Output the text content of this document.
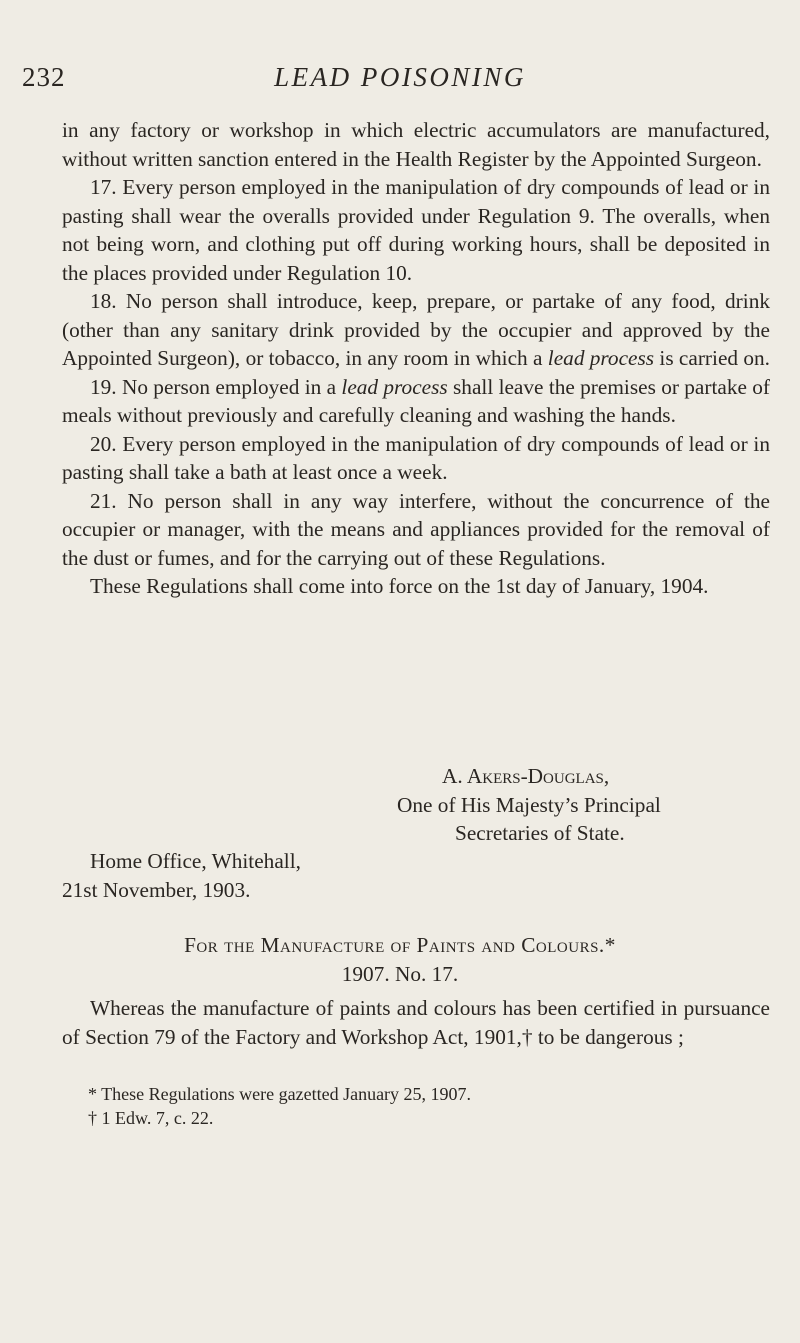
232	LEAD POISONING

in any factory or workshop in which electric accumulators are manufactured, without written sanction entered in the Health Register by the Appointed Surgeon.

17. Every person employed in the manipulation of dry compounds of lead or in pasting shall wear the overalls provided under Regulation 9. The overalls, when not being worn, and clothing put off during working hours, shall be deposited in the places provided under Regulation 10.

18. No person shall introduce, keep, prepare, or partake of any food, drink (other than any sanitary drink provided by the occupier and approved by the Appointed Surgeon), or tobacco, in any room in which a lead process is carried on.

19. No person employed in a lead process shall leave the premises or partake of meals without previously and carefully cleaning and washing the hands.

20. Every person employed in the manipulation of dry compounds of lead or in pasting shall take a bath at least once a week.

21. No person shall in any way interfere, without the concurrence of the occupier or manager, with the means and appliances provided for the removal of the dust or fumes, and for the carrying out of these Regulations.

These Regulations shall come into force on the 1st day of January, 1904.

A. Akers-Douglas,
One of His Majesty’s Principal
Secretaries of State.
Home Office, Whitehall,
21st November, 1903.
For the Manufacture of Paints and Colours.*
1907. No. 17.

Whereas the manufacture of paints and colours has been certified in pursuance of Section 79 of the Factory and Workshop Act, 1901,† to be dangerous ;

* These Regulations were gazetted January 25, 1907.
† 1 Edw. 7, c. 22.
